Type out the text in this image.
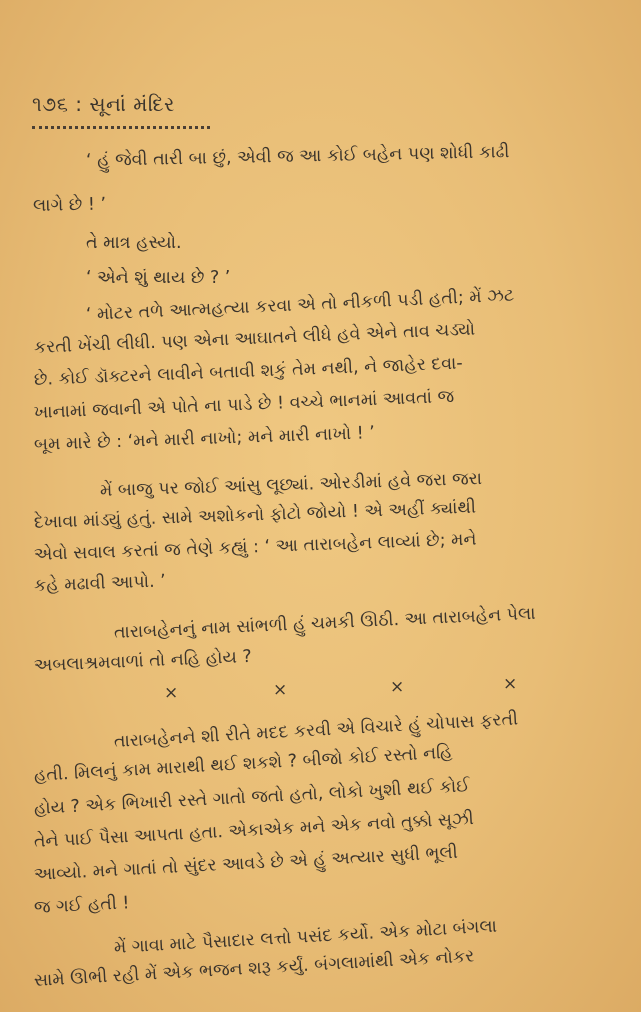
૧૭૬ : સૂનાં મંદિર
‘ હું જેવી તારી બા છું, એવી જ આ કોઈ બહેન પણ શોધી કાઢી
લાગે છે ! ’
તે માત્ર હસ્યો.
‘ એને શું થાય છે ? ’
‘ મોટર તળે આત્મહત્યા કરવા એ તો નીકળી પડી હતી; મેં ઝટ
કરતી ખેંચી લીધી. પણ એના આઘાતને લીધે હવે એને તાવ ચડ્યો
છે. કોઈ ડૉક્ટરને લાવીને બતાવી શકું તેમ નથી, ને જાહેર દવા-
ખાનામાં જવાની એ પોતે ના પાડે છે ! વચ્ચે ભાનમાં આવતાં જ
બૂમ મારે છે : ‘મને મારી નાખો; મને મારી નાખો ! ’
મેં બાજુ પર જોઈ આંસુ લૂછ્યાં. ઓરડીમાં હવે જરા જરા
દેખાવા માંડ્યું હતું. સામે અશોકનો ફોટો જોયો ! એ અહીં ક્યાંથી
એવો સવાલ કરતાં જ તેણે કહ્યું : ‘ આ તારાબહેન લાવ્યાં છે; મને
કહે મઢાવી આપો. ’
તારાબહેનનું નામ સાંભળી હું ચમકી ઊઠી. આ તારાબહેન પેલા
અબલાશ્રમવાળાં તો નહિ હોય ?
×	×	×	×
તારાબહેનને શી રીતે મદદ કરવી એ વિચારે હું ચોપાસ ફરતી
હતી. મિલનું કામ મારાથી થઈ શકશે ? બીજો કોઈ રસ્તો નહિ
હોય ? એક ભિખારી રસ્તે ગાતો જતો હતો, લોકો ખુશી થઈ કોઈ
તેને પાઈ પૈસા આપતા હતા. એકાએક મને એક નવો તુક્કો સૂઝી
આવ્યો. મને ગાતાં તો સુંદર આવડે છે એ હું અત્યાર સુધી ભૂલી
જ ગઈ હતી !
મેં ગાવા માટે પૈસાદાર લત્તો પસંદ કર્યો. એક મોટા બંગલા
સામે ઊભી રહી મેં એક ભજન શરૂ કર્યું. બંગલામાંથી એક નોકર
